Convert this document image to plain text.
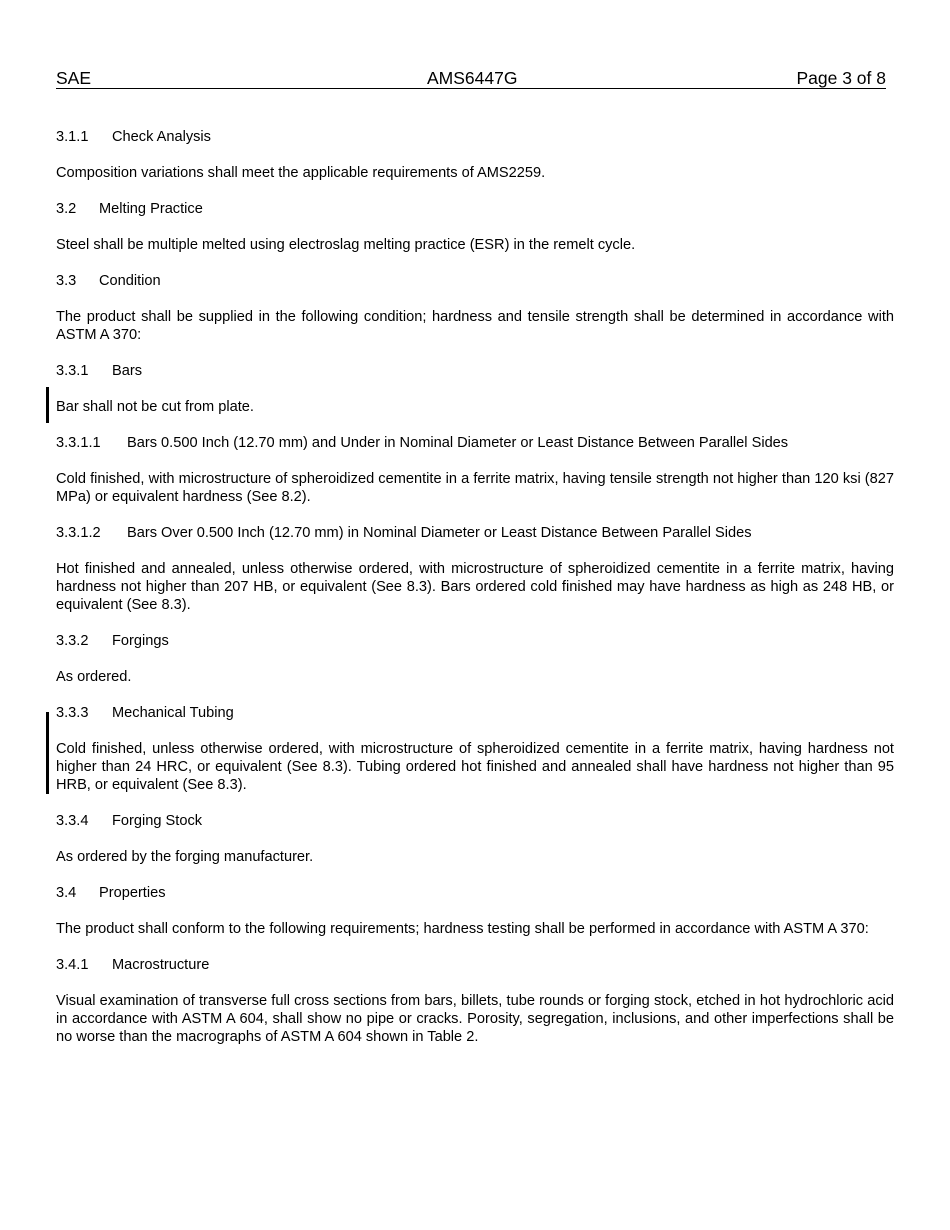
SAE	AMS6447G	Page 3 of 8
3.1.1 Check Analysis

Composition variations shall meet the applicable requirements of AMS2259.

3.2 Melting Practice

Steel shall be multiple melted using electroslag melting practice (ESR) in the remelt cycle.

3.3 Condition

The product shall be supplied in the following condition; hardness and tensile strength shall be determined in accordance with ASTM A 370:

3.3.1 Bars

Bar shall not be cut from plate.

3.3.1.1 Bars 0.500 Inch (12.70 mm) and Under in Nominal Diameter or Least Distance Between Parallel Sides

Cold finished, with microstructure of spheroidized cementite in a ferrite matrix, having tensile strength not higher than 120 ksi (827 MPa) or equivalent hardness (See 8.2).

3.3.1.2 Bars Over 0.500 Inch (12.70 mm) in Nominal Diameter or Least Distance Between Parallel Sides

Hot finished and annealed, unless otherwise ordered, with microstructure of spheroidized cementite in a ferrite matrix, having hardness not higher than 207 HB, or equivalent (See 8.3). Bars ordered cold finished may have hardness as high as 248 HB, or equivalent (See 8.3).

3.3.2 Forgings

As ordered.

3.3.3 Mechanical Tubing

Cold finished, unless otherwise ordered, with microstructure of spheroidized cementite in a ferrite matrix, having hardness not higher than 24 HRC, or equivalent (See 8.3). Tubing ordered hot finished and annealed shall have hardness not higher than 95 HRB, or equivalent (See 8.3).

3.3.4 Forging Stock

As ordered by the forging manufacturer.

3.4 Properties

The product shall conform to the following requirements; hardness testing shall be performed in accordance with ASTM A 370:

3.4.1 Macrostructure

Visual examination of transverse full cross sections from bars, billets, tube rounds or forging stock, etched in hot hydrochloric acid in accordance with ASTM A 604, shall show no pipe or cracks. Porosity, segregation, inclusions, and other imperfections shall be no worse than the macrographs of ASTM A 604 shown in Table 2.
